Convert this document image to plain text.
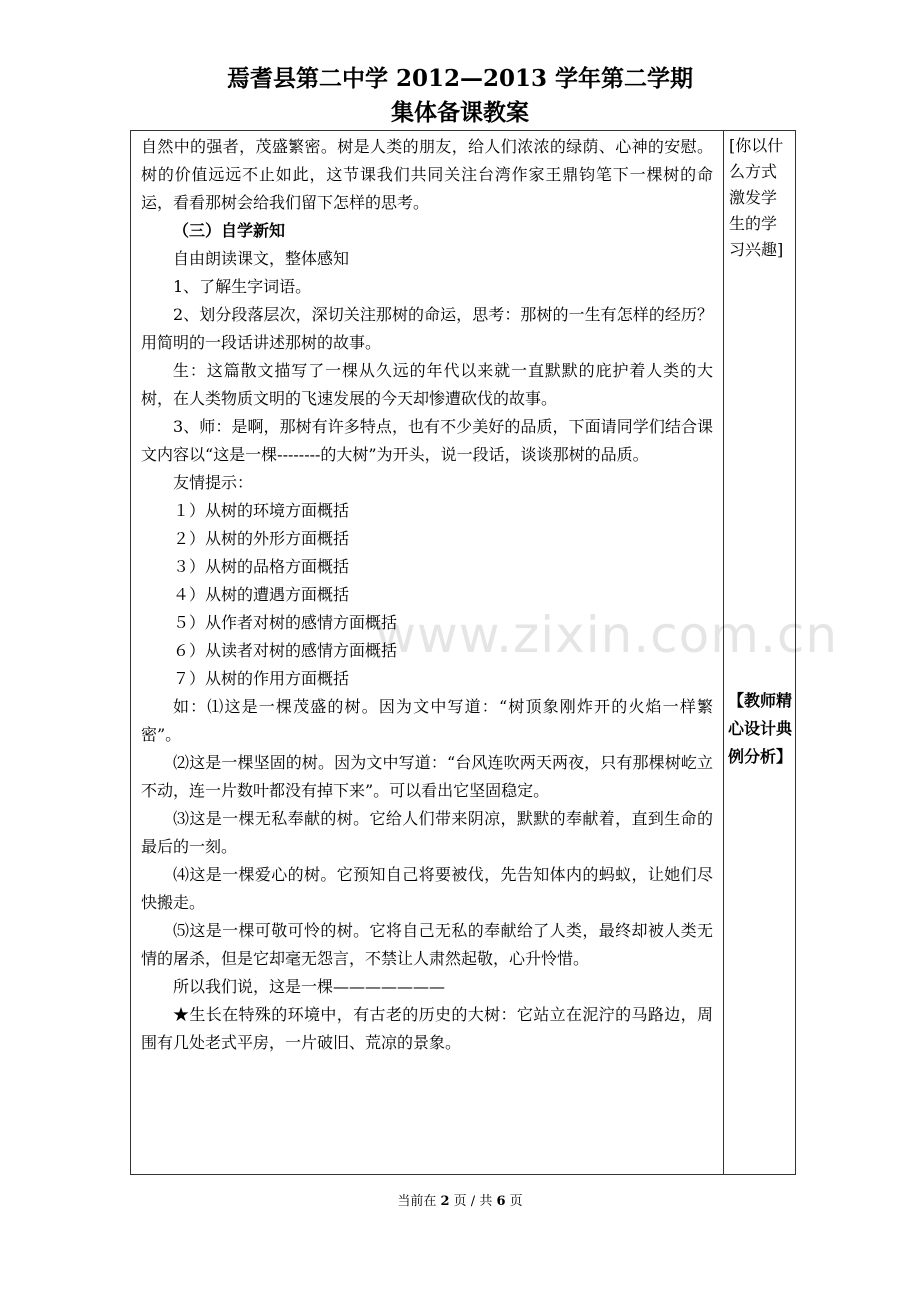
焉耆县第二中学 2012—2013 学年第二学期
集体备课教案

自然中的强者，茂盛繁密。树是人类的朋友，给人们浓浓的绿荫、心神的安慰。树的价值远远不止如此，这节课我们共同关注台湾作家王鼎钧笔下一棵树的命运，看看那树会给我们留下怎样的思考。

（三）自学新知

自由朗读课文，整体感知

1、了解生字词语。

2、划分段落层次，深切关注那树的命运，思考：那树的一生有怎样的经历？用简明的一段话讲述那树的故事。

生：这篇散文描写了一棵从久远的年代以来就一直默默的庇护着人类的大树，在人类物质文明的飞速发展的今天却惨遭砍伐的故事。

3、师：是啊，那树有许多特点，也有不少美好的品质，下面请同学们结合课文内容以“这是一棵--------的大树”为开头，说一段话，谈谈那树的品质。

友情提示：

１）从树的环境方面概括

２）从树的外形方面概括

３）从树的品格方面概括

４）从树的遭遇方面概括

５）从作者对树的感情方面概括

６）从读者对树的感情方面概括

７）从树的作用方面概括

如：⑴这是一棵茂盛的树。因为文中写道：“树顶象刚炸开的火焰一样繁密”。

⑵这是一棵坚固的树。因为文中写道：“台风连吹两天两夜，只有那棵树屹立不动，连一片数叶都没有掉下来”。可以看出它坚固稳定。

⑶这是一棵无私奉献的树。它给人们带来阴凉，默默的奉献着，直到生命的最后的一刻。

⑷这是一棵爱心的树。它预知自己将要被伐，先告知体内的蚂蚁，让她们尽快搬走。

⑸这是一棵可敬可怜的树。它将自己无私的奉献给了人类，最终却被人类无情的屠杀，但是它却毫无怨言，不禁让人肃然起敬，心升怜惜。

所以我们说，这是一棵———————

★生长在特殊的环境中，有古老的历史的大树：它站立在泥泞的马路边，周围有几处老式平房，一片破旧、荒凉的景象。

[你以什么方式激发学生的学习兴趣]
【教师精心设计典例分析】
www.zixin.com.cn
当前在 2 页 / 共 6 页
